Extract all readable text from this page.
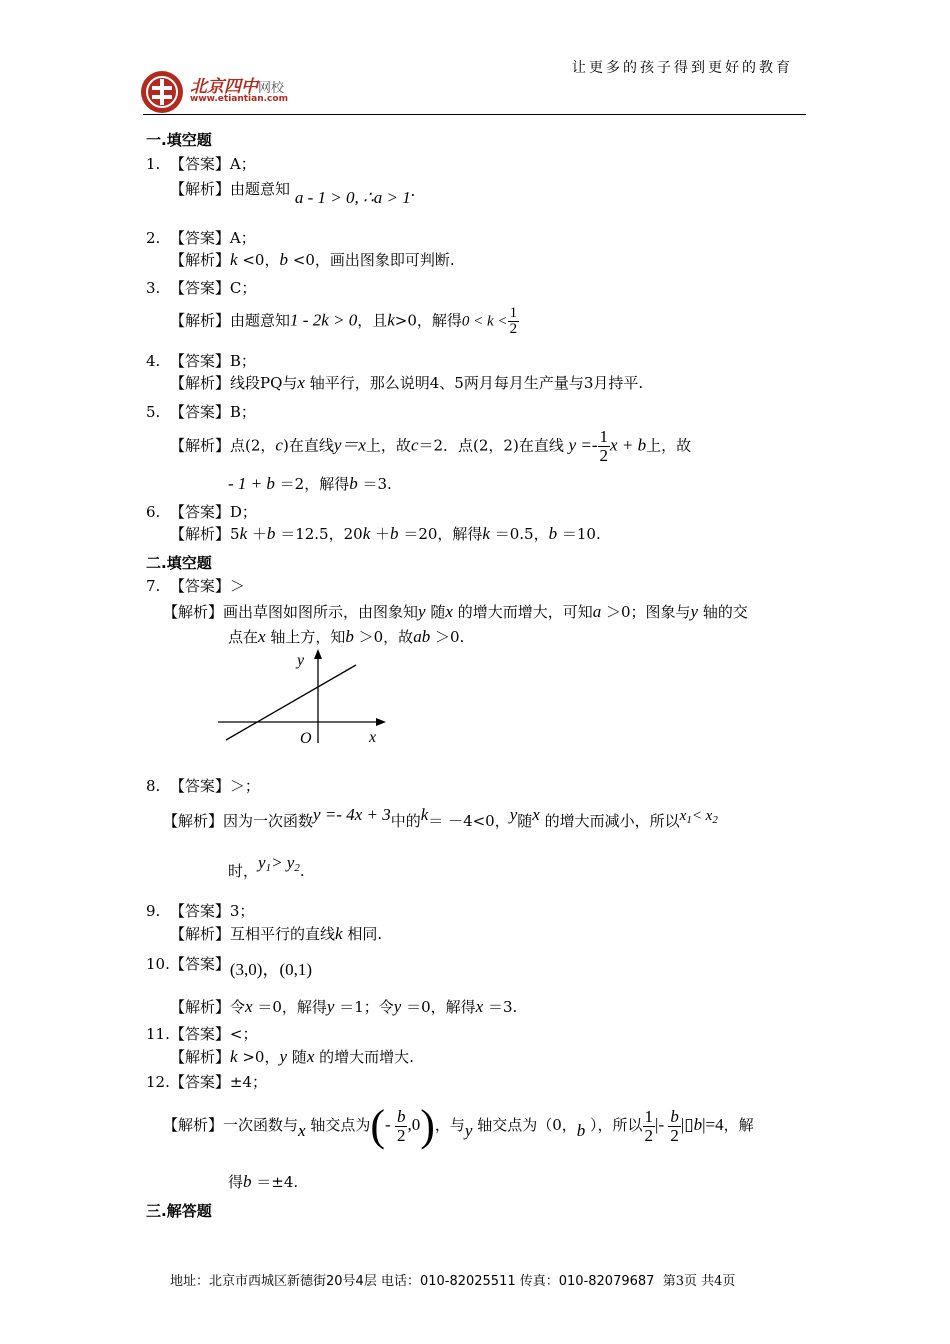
让更多的孩子得到更好的教育
北京四中网校
www.etiantian.com
一.填空题
1. 【答案】A；
【解析】由题意知 a - 1 > 0, ∴a > 1.
2. 【答案】A；
【解析】k <0，b <0，画出图象即可判断.
3. 【答案】C；
【解析】由题意知1 - 2k > 0，且k>0，解得$0 < k < \frac{1}{2}$
4. 【答案】B；
【解析】线段PQ与x 轴平行，那么说明4、5两月每月生产量与3月持平.
5. 【答案】B；
【解析】点(2，c)在直线y＝x上，故c＝2．点(2，2)在直线 $y =- \frac{1}{2}$ x + b上，故
- 1 + b ＝2，解得b ＝3.
6. 【答案】D；
【解析】5k ＋b ＝12.5，20k ＋b ＝20，解得k ＝0.5，b ＝10.
二.填空题
7. 【答案】＞
【解析】画出草图如图所示，由图象知y 随x 的增大而增大，可知a ＞0；图象与y 轴的交
点在x 轴上方，知b ＞0，故ab ＞0.
y
x
O
8. 【答案】＞；
【解析】因为一次函数y =- 4x + 3中的k＝ －4<0，y随x 的增大而减小，所以$x_1< x^2$
时，$y^1> y^2$.
9. 【答案】3；
【解析】互相平行的直线k 相同.
10.【答案】(3,0)，(0,1)
【解析】令x ＝0，解得y ＝1；令y ＝0，解得x ＝3.
11.【答案】<；
【解析】k >0，y 随x 的增大而增大.
12.【答案】±4；
【解析】一次函数与x 轴交点为(- $\frac{b}{2} ,0$)，与y 轴交点为（0，b ），所以 $\frac{1}{2}$ |- $\frac{b}{2}$ |▯b|=4，解
得b ＝±4.
三.解答题
地址：北京市西城区新德街20号4层 电话：010-82025511 传真：010-82079687 第3页 共4页
